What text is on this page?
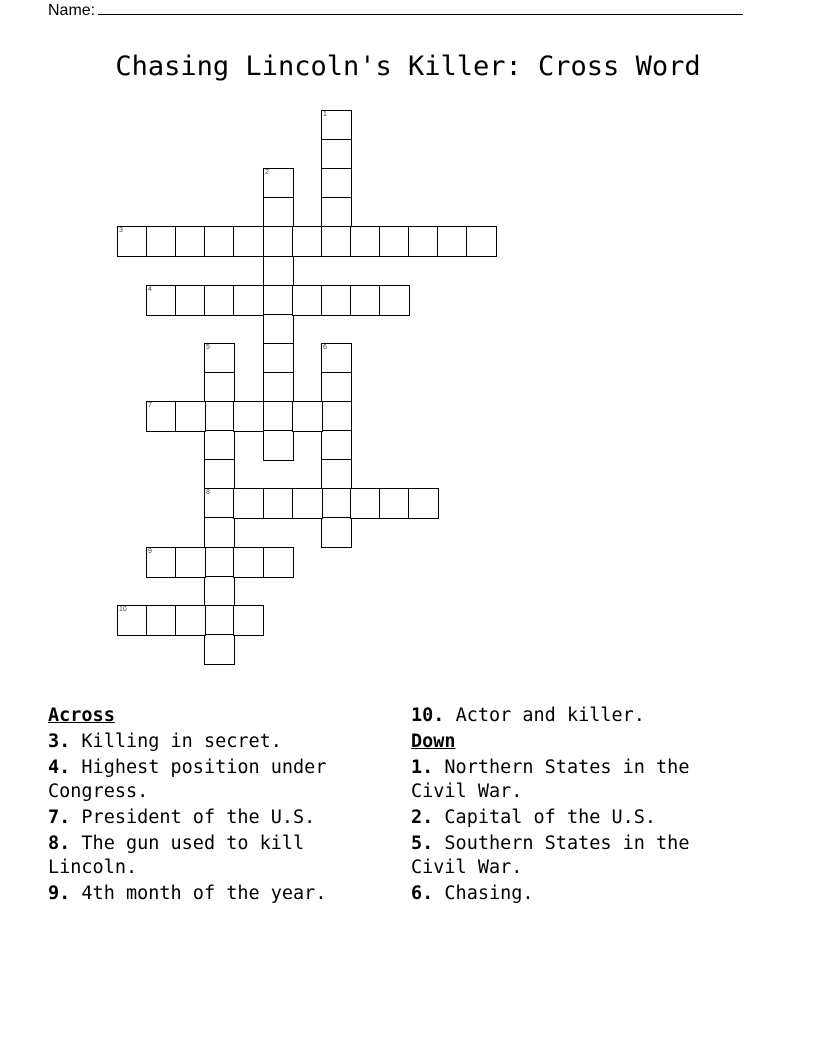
Name:
Chasing Lincoln's Killer: Cross Word
1
2
3
4
5
8
6
7
9
10
Across
3. Killing in secret.
4. Highest position under Congress.
7. President of the U.S.
8. The gun used to kill Lincoln.
9. 4th month of the year.
10. Actor and killer.
Down
1. Northern States in the Civil War.
2. Capital of the U.S.
5. Southern States in the Civil War.
6. Chasing.
